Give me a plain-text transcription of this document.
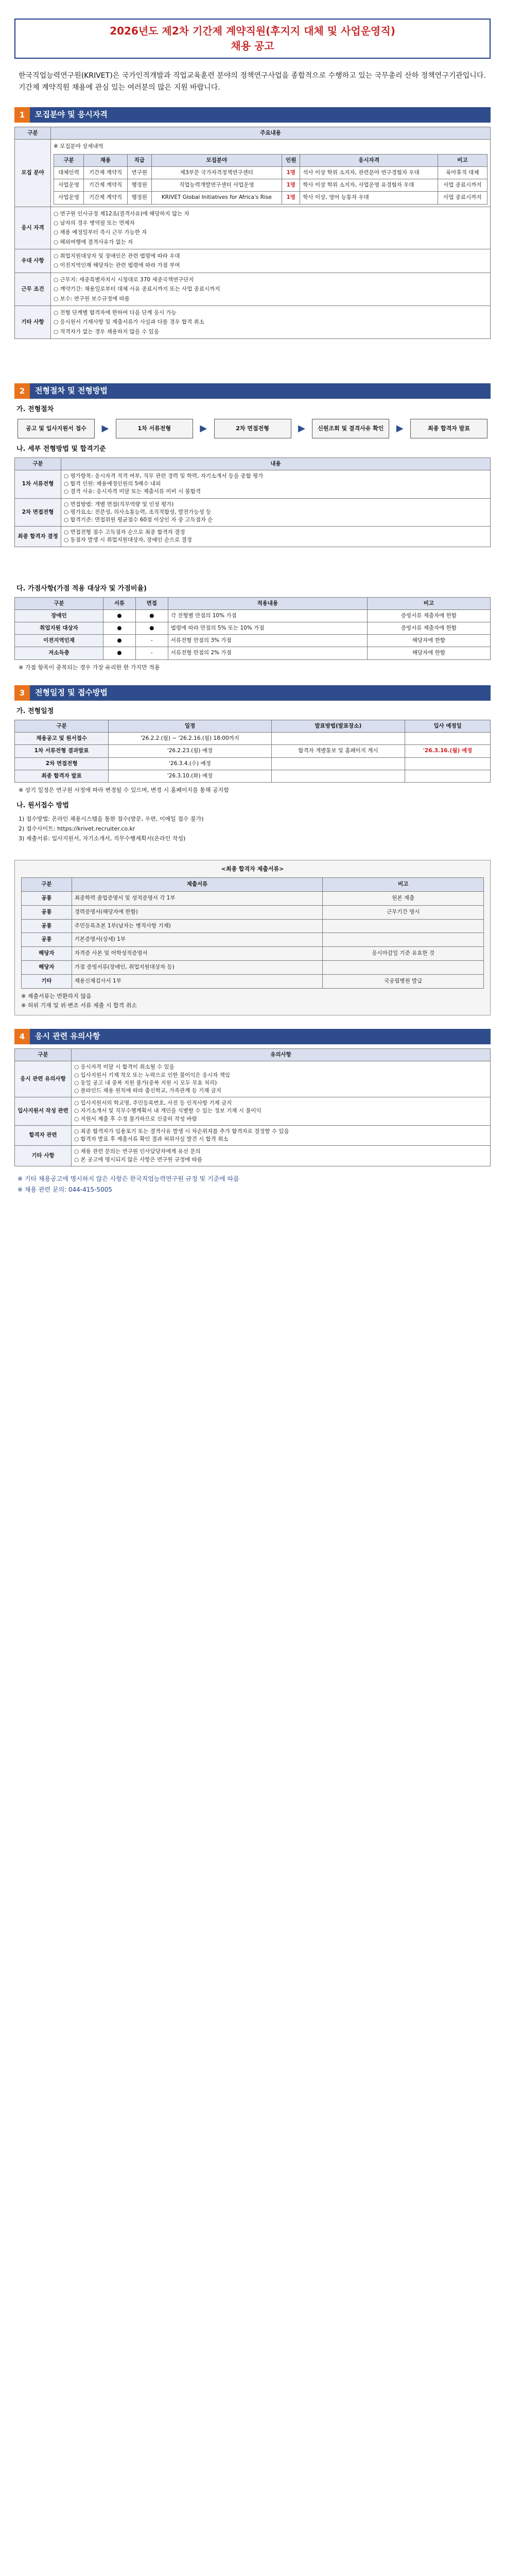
2026년도 제2차 기간제 계약직원(후지지 대체 및 사업운영직)
채용 공고

한국직업능력연구원(KRIVET)은 국가인적개발과 직업교육훈련 분야의 정책연구사업을 종합적으로 수행하고 있는 국무총리 산하 정책연구기관입니다. 기간제 계약직원 채용에 관심 있는 여러분의 많은 지원 바랍니다.

1	모집분야 및 응시자격
구분	주요내용
모집 분야	
※ 모집분야 상세내역
구분	채용	직급	모집분야	인원	응시자격	비고
대체인력	기간제 계약직	연구원	제3부문 국가자격정책연구센터	1명	석사 이상 학위 소지자, 관련분야 연구경험자 우대	육아휴직 대체
사업운영	기간제 계약직	행정원	직업능력개발연구센터 사업운영	1명	학사 이상 학위 소지자, 사업운영 유경험자 우대	사업 종료시까지
사업운영	기간제 계약직	행정원	KRIVET Global Initiatives for Africa's Rise	1명	학사 이상, 영어 능통자 우대	사업 종료시까지

응시 자격	
○ 연구원 인사규정 제12조(결격사유)에 해당하지 않는 자
○ 남자의 경우 병역필 또는 면제자
○ 채용 예정일부터 즉시 근무 가능한 자
○ 해외여행에 결격사유가 없는 자

우대 사항	
○ 취업지원대상자 및 장애인은 관련 법령에 따라 우대
○ 이전지역인재 해당자는 관련 법령에 따라 가점 부여

근무 조건	
○ 근무지: 세종특별자치시 시청대로 370 세종국책연구단지
○ 계약기간: 채용일로부터 대체 사유 종료시까지 또는 사업 종료시까지
○ 보수: 연구원 보수규정에 따름

기타 사항	
○ 전형 단계별 합격자에 한하여 다음 단계 응시 가능
○ 응시원서 기재사항 및 제출서류가 사실과 다를 경우 합격 취소
○ 적격자가 없는 경우 채용하지 않을 수 있음
2	전형절차 및 전형방법
가. 전형절차
공고 및 입사지원서 접수	▶	1차 서류전형	▶	2차 면접전형	▶	신원조회 및 결격사유 확인	▶	최종 합격자 발표
나. 세부 전형방법 및 합격기준
구분	내용
1차 서류전형	○ 평가항목: 응시자격 적격 여부, 직무 관련 경력 및 학력, 자기소개서 등을 종합 평가
○ 합격 인원: 채용예정인원의 5배수 내외
○ 결격 사유: 응시자격 미달 또는 제출서류 미비 시 불합격
2차 면접전형	○ 면접방법: 개별 면접(직무역량 및 인성 평가)
○ 평가요소: 전문성, 의사소통능력, 조직적합성, 발전가능성 등
○ 합격기준: 면접위원 평균점수 60점 이상인 자 중 고득점자 순
최종 합격자 결정	○ 면접전형 점수 고득점자 순으로 최종 합격자 결정
○ 동점자 발생 시 취업지원대상자, 장애인 순으로 결정
다. 가점사항(가점 적용 대상자 및 가점비율)
구분	서류	면접	적용내용	비고
장애인	●	●	각 전형별 만점의 10% 가점	증빙서류 제출자에 한함
취업지원 대상자	●	●	법령에 따라 만점의 5% 또는 10% 가점	증빙서류 제출자에 한함
이전지역인재	●	-	서류전형 만점의 3% 가점	해당자에 한함
저소득층	●	-	서류전형 만점의 2% 가점	해당자에 한함
※ 가점 항목이 중복되는 경우 가장 유리한 한 가지만 적용
3	전형일정 및 접수방법
가. 전형일정
구분	일정	발표방법(발표장소)	입사 예정일
채용공고 및 원서접수	'26.2.2.(월) ~ '26.2.16.(월) 18:00까지		
1차 서류전형 결과발표	'26.2.23.(월) 예정	합격자 개별통보 및 홈페이지 게시	'26.3.16.(월) 예정
2차 면접전형	'26.3.4.(수) 예정		
최종 합격자 발표	'26.3.10.(화) 예정		
※ 상기 일정은 연구원 사정에 따라 변경될 수 있으며, 변경 시 홈페이지를 통해 공지함
나. 원서접수 방법
1) 접수방법: 온라인 채용시스템을 통한 접수(방문, 우편, 이메일 접수 불가)
2) 접수사이트: https://krivet.recruiter.co.kr
3) 제출서류: 입사지원서, 자기소개서, 직무수행계획서(온라인 작성)
<최종 합격자 제출서류>
구분	제출서류	비고
공통	최종학력 졸업증명서 및 성적증명서 각 1부	원본 제출
공통	경력증명서(해당자에 한함)	근무기간 명시
공통	주민등록초본 1부(남자는 병적사항 기재)	
공통	기본증명서(상세) 1부	
해당자	자격증 사본 및 어학성적증명서	응시마감일 기준 유효한 것
해당자	가점 증빙서류(장애인, 취업지원대상자 등)	
기타	채용신체검사서 1부	국공립병원 발급
※ 제출서류는 반환하지 않음
※ 허위 기재 및 위·변조 서류 제출 시 합격 취소
4	응시 관련 유의사항
구분	유의사항
응시 관련 유의사항	○ 응시자격 미달 시 합격이 취소될 수 있음
○ 입사지원서 기재 착오 또는 누락으로 인한 불이익은 응시자 책임
○ 동일 공고 내 중복 지원 불가(중복 지원 시 모두 무효 처리)
○ 블라인드 채용 원칙에 따라 출신학교, 가족관계 등 기재 금지
입사지원서 작성 관련	○ 입사지원서의 학교명, 주민등록번호, 사진 등 인적사항 기재 금지
○ 자기소개서 및 직무수행계획서 내 개인을 식별할 수 있는 정보 기재 시 불이익
○ 지원서 제출 후 수정 불가하므로 신중히 작성 바람
합격자 관련	○ 최종 합격자가 임용포기 또는 결격사유 발생 시 차순위자를 추가 합격자로 결정할 수 있음
○ 합격자 발표 후 제출서류 확인 결과 허위사실 발견 시 합격 취소
기타 사항	○ 채용 관련 문의는 연구원 인사담당자에게 유선 문의
○ 본 공고에 명시되지 않은 사항은 연구원 규정에 따름
※ 기타 채용공고에 명시하지 않은 사항은 한국직업능력연구원 규정 및 기준에 따름
※ 채용 관련 문의: 044-415-5005
